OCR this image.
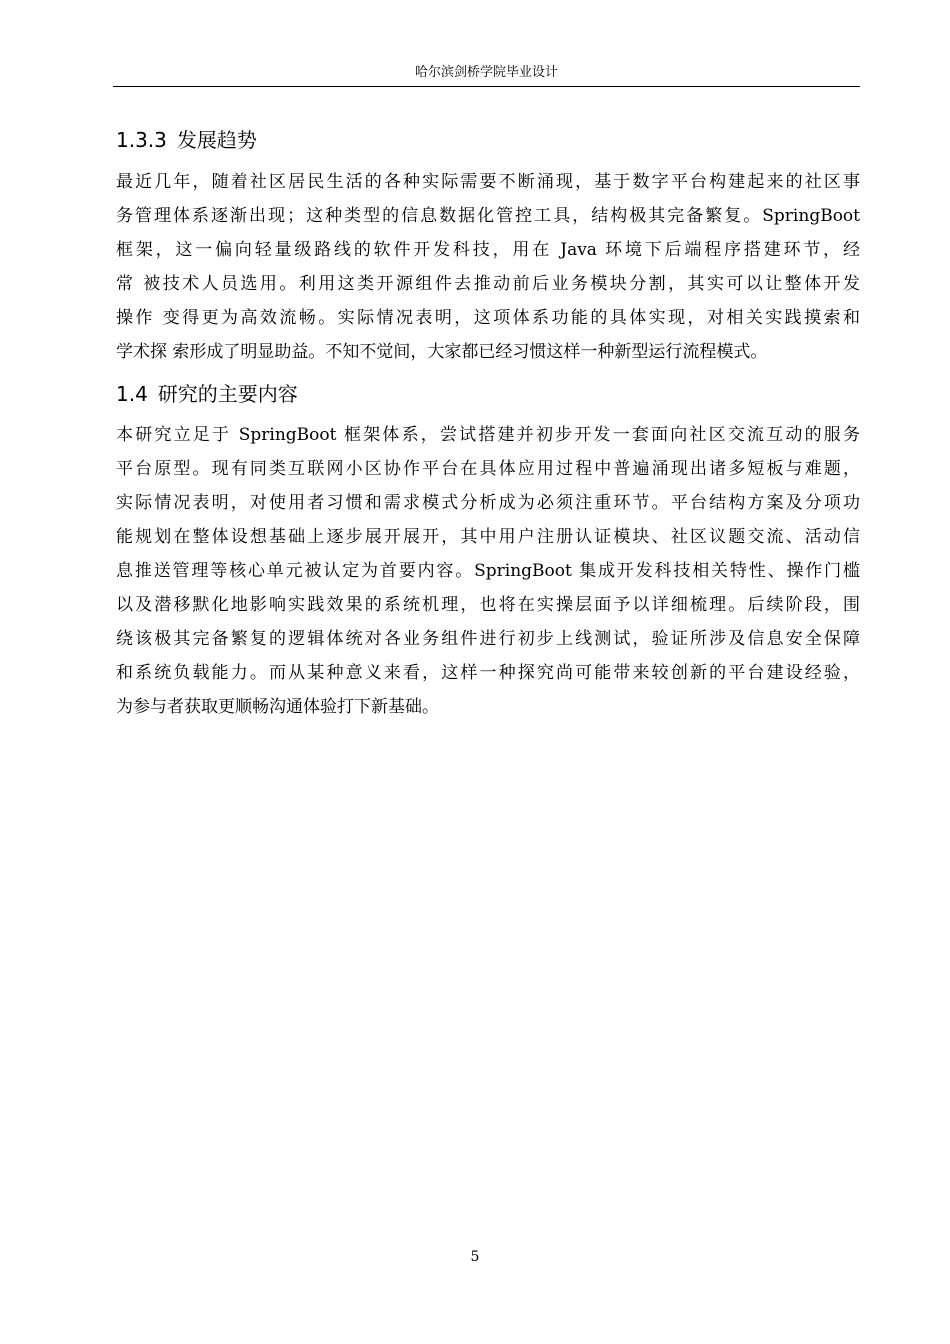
哈尔滨剑桥学院毕业设计
1.3.3 发展趋势
最近几年，随着社区居民生活的各种实际需要不断涌现，基于数字平台构建起来的社区事
务管理体系逐渐出现；这种类型的信息数据化管控工具，结构极其完备繁复。SpringBoot
框架，这一偏向轻量级路线的软件开发科技，用在 Java 环境下后端程序搭建环节，经
常 被技术人员选用。利用这类开源组件去推动前后业务模块分割，其实可以让整体开发
操作 变得更为高效流畅。实际情况表明，这项体系功能的具体实现，对相关实践摸索和
学术探 索形成了明显助益。不知不觉间，大家都已经习惯这样一种新型运行流程模式。
1.4 研究的主要内容
本研究立足于 SpringBoot 框架体系，尝试搭建并初步开发一套面向社区交流互动的服务
平台原型。现有同类互联网小区协作平台在具体应用过程中普遍涌现出诸多短板与难题，
实际情况表明，对使用者习惯和需求模式分析成为必须注重环节。平台结构方案及分项功
能规划在整体设想基础上逐步展开展开，其中用户注册认证模块、社区议题交流、活动信
息推送管理等核心单元被认定为首要内容。SpringBoot 集成开发科技相关特性、操作门槛
以及潜移默化地影响实践效果的系统机理，也将在实操层面予以详细梳理。后续阶段，围
绕该极其完备繁复的逻辑体统对各业务组件进行初步上线测试，验证所涉及信息安全保障
和系统负载能力。而从某种意义来看，这样一种探究尚可能带来较创新的平台建设经验，
为参与者获取更顺畅沟通体验打下新基础。
5
